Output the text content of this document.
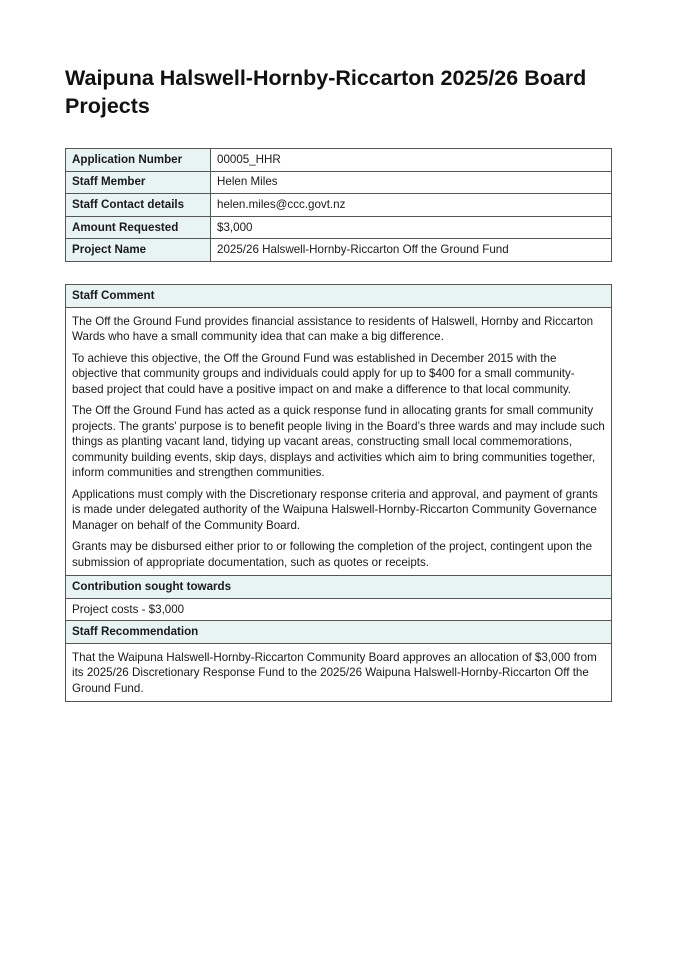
Waipuna Halswell-Hornby-Riccarton 2025/26 Board Projects
Application Number	00005_HHR
Staff Member	Helen Miles
Staff Contact details	helen.miles@ccc.govt.nz
Amount Requested	$3,000
Project Name	2025/26 Halswell-Hornby-Riccarton Off the Ground Fund
Staff Comment

The Off the Ground Fund provides financial assistance to residents of Halswell, Hornby and Riccarton Wards who have a small community idea that can make a big difference.

To achieve this objective, the Off the Ground Fund was established in December 2015 with the objective that community groups and individuals could apply for up to $400 for a small community-based project that could have a positive impact on and make a difference to that local community.

The Off the Ground Fund has acted as a quick response fund in allocating grants for small community projects. The grants' purpose is to benefit people living in the Board’s three wards and may include such things as planting vacant land, tidying up vacant areas, constructing small local commemorations, community building events, skip days, displays and activities which aim to bring communities together, inform communities and strengthen communities.

Applications must comply with the Discretionary response criteria and approval, and payment of grants is made under delegated authority of the Waipuna Halswell-Hornby-Riccarton Community Governance Manager on behalf of the Community Board.

Grants may be disbursed either prior to or following the completion of the project, contingent upon the submission of appropriate documentation, such as quotes or receipts.

Contribution sought towards
Project costs - $3,000
Staff Recommendation
That the Waipuna Halswell-Hornby-Riccarton Community Board approves an allocation of $3,000 from its 2025/26 Discretionary Response Fund to the 2025/26 Waipuna Halswell-Hornby-Riccarton Off the Ground Fund.
